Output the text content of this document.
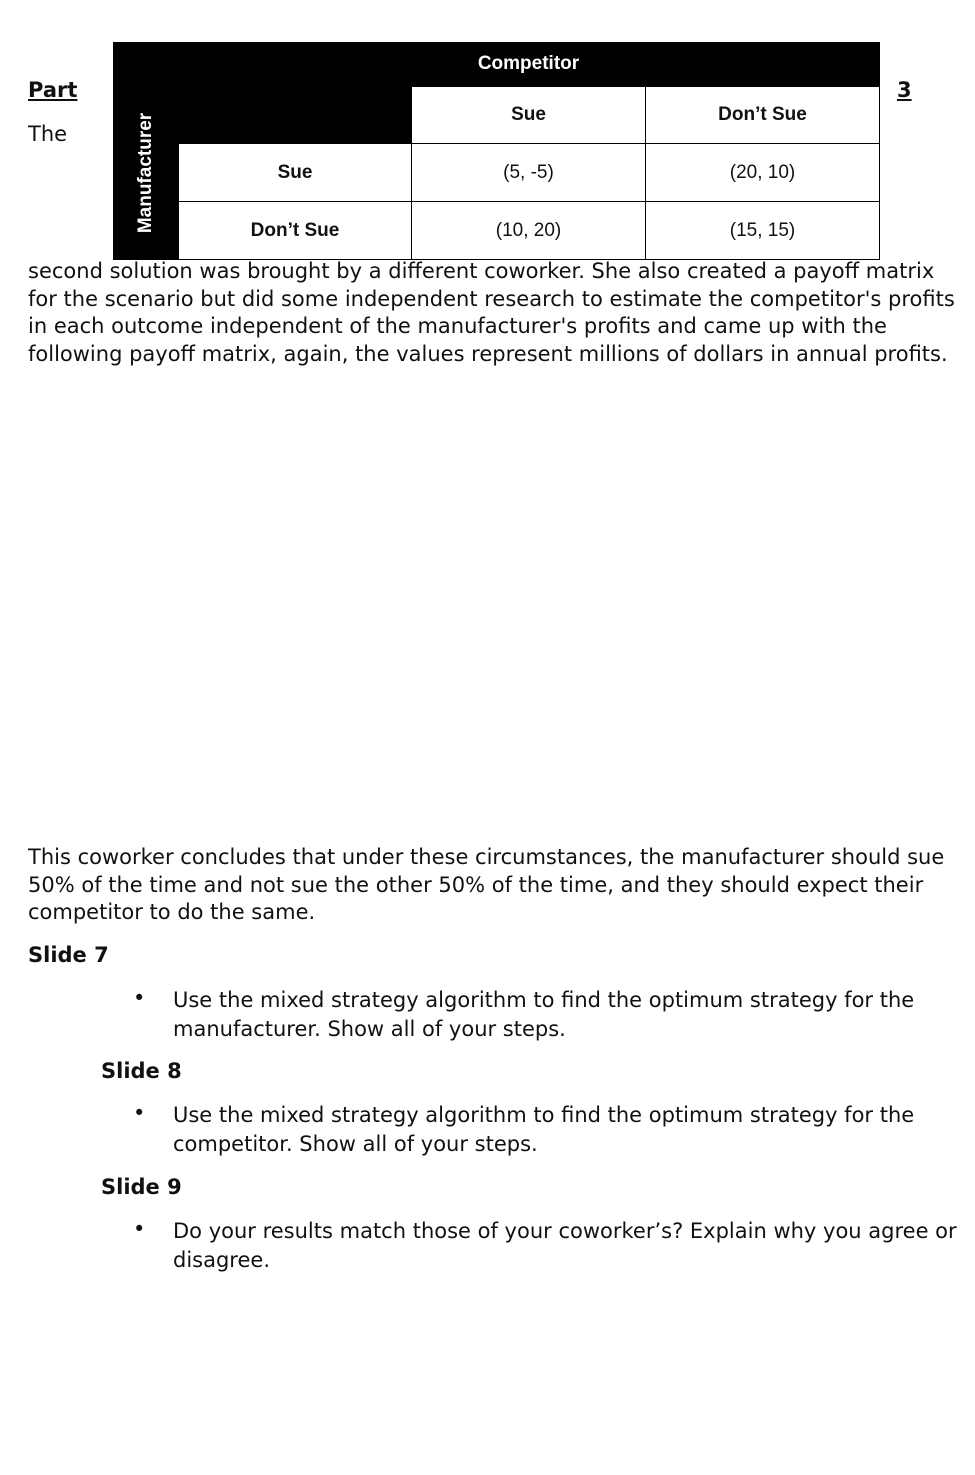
Part	3
The
Competitor
Manufacturer	Sue	Don’t Sue
Sue	(5, -5)	(20, 10)
Don’t Sue	(10, 20)	(15, 15)
second solution was brought by a different coworker. She also created a payoff matrix for the scenario but did some independent research to estimate the competitor's profits in each outcome independent of the manufacturer's profits and came up with the following payoff matrix, again, the values represent millions of dollars in annual profits.
This coworker concludes that under these circumstances, the manufacturer should sue 50% of the time and not sue the other 50% of the time, and they should expect their competitor to do the same.
Slide 7
•	Use the mixed strategy algorithm to find the optimum strategy for the manufacturer. Show all of your steps.
Slide 8
•	Use the mixed strategy algorithm to find the optimum strategy for the competitor. Show all of your steps.
Slide 9
•	Do your results match those of your coworker’s? Explain why you agree or disagree.
